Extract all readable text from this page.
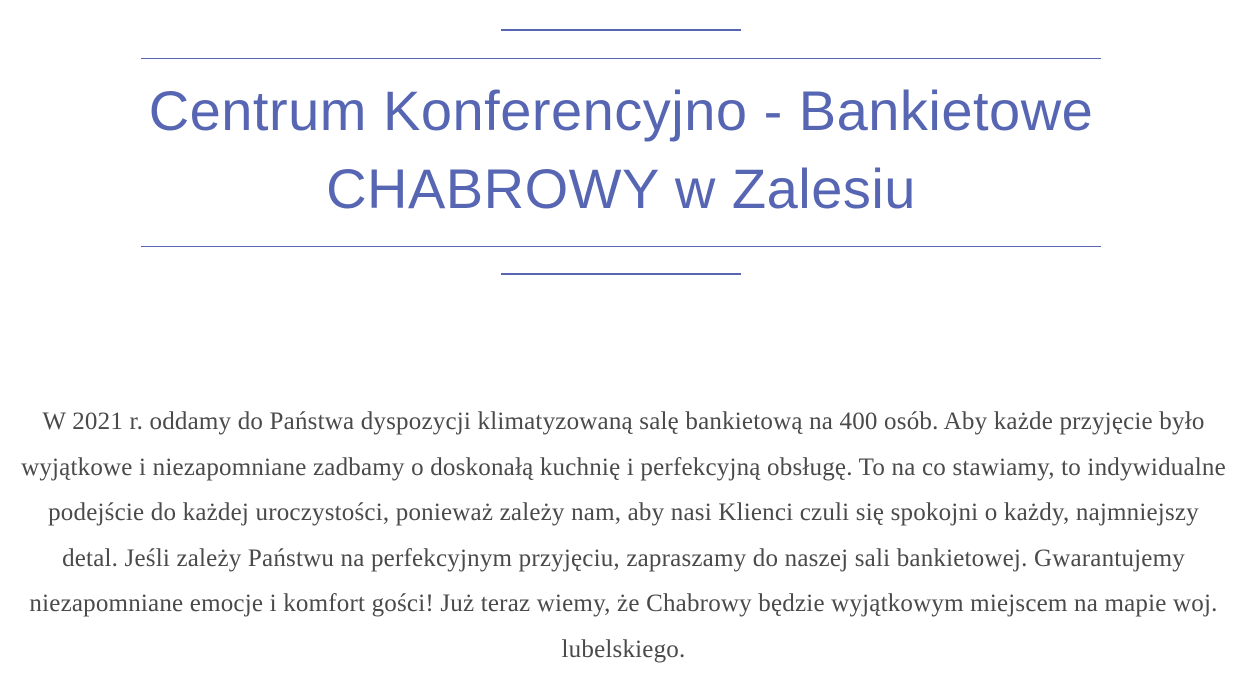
Centrum Konferencyjno - Bankietowe
CHABROWY w Zalesiu

W 2021 r. oddamy do Państwa dyspozycji klimatyzowaną salę bankietową na 400 osób. Aby każde przyjęcie było wyjątkowe i niezapomniane zadbamy o doskonałą kuchnię i perfekcyjną obsługę. To na co stawiamy, to indywidualne podejście do każdej uroczystości, ponieważ zależy nam, aby nasi Klienci czuli się spokojni o każdy, najmniejszy detal. Jeśli zależy Państwu na perfekcyjnym przyjęciu, zapraszamy do naszej sali bankietowej. Gwarantujemy niezapomniane emocje i komfort gości! Już teraz wiemy, że Chabrowy będzie wyjątkowym miejscem na mapie woj. lubelskiego.
